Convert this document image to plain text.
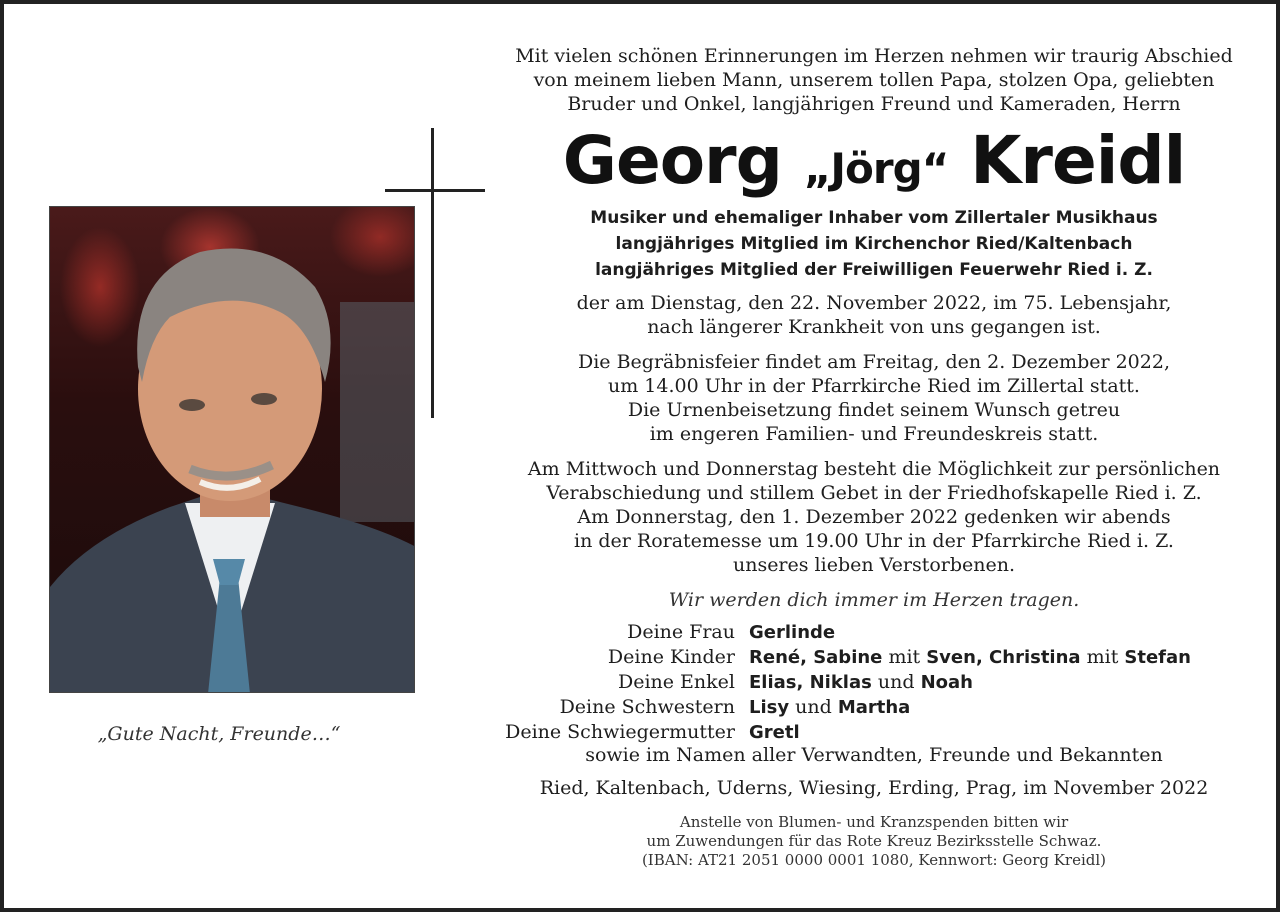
Mit vielen schönen Erinnerungen im Herzen nehmen wir traurig Abschied
von meinem lieben Mann, unserem tollen Papa, stolzen Opa, geliebten
Bruder und Onkel, langjährigen Freund und Kameraden, Herrn
Georg „Jörg“ Kreidl
Musiker und ehemaliger Inhaber vom Zillertaler Musikhaus
langjähriges Mitglied im Kirchenchor Ried/Kaltenbach
langjähriges Mitglied der Freiwilligen Feuerwehr Ried i. Z.
der am Dienstag, den 22. November 2022, im 75. Lebensjahr,
nach längerer Krankheit von uns gegangen ist.
Die Begräbnisfeier findet am Freitag, den 2. Dezember 2022,
um 14.00 Uhr in der Pfarrkirche Ried im Zillertal statt.
Die Urnenbeisetzung findet seinem Wunsch getreu
im engeren Familien- und Freundeskreis statt.
Am Mittwoch und Donnerstag besteht die Möglichkeit zur persönlichen
Verabschiedung und stillem Gebet in der Friedhofskapelle Ried i. Z.
Am Donnerstag, den 1. Dezember 2022 gedenken wir abends
in der Roratemesse um 19.00 Uhr in der Pfarrkirche Ried i. Z.
unseres lieben Verstorbenen.
Wir werden dich immer im Herzen tragen.
Deine Frau Gerlinde
Deine Kinder René, Sabine mit Sven, Christina mit Stefan
Deine Enkel Elias, Niklas und Noah
Deine Schwestern Lisy und Martha
Deine Schwiegermutter Gretl
sowie im Namen aller Verwandten, Freunde und Bekannten
Ried, Kaltenbach, Uderns, Wiesing, Erding, Prag, im November 2022
Anstelle von Blumen- und Kranzspenden bitten wir
um Zuwendungen für das Rote Kreuz Bezirksstelle Schwaz.
(IBAN: AT21 2051 0000 0001 1080, Kennwort: Georg Kreidl)
„Gute Nacht, Freunde…“
